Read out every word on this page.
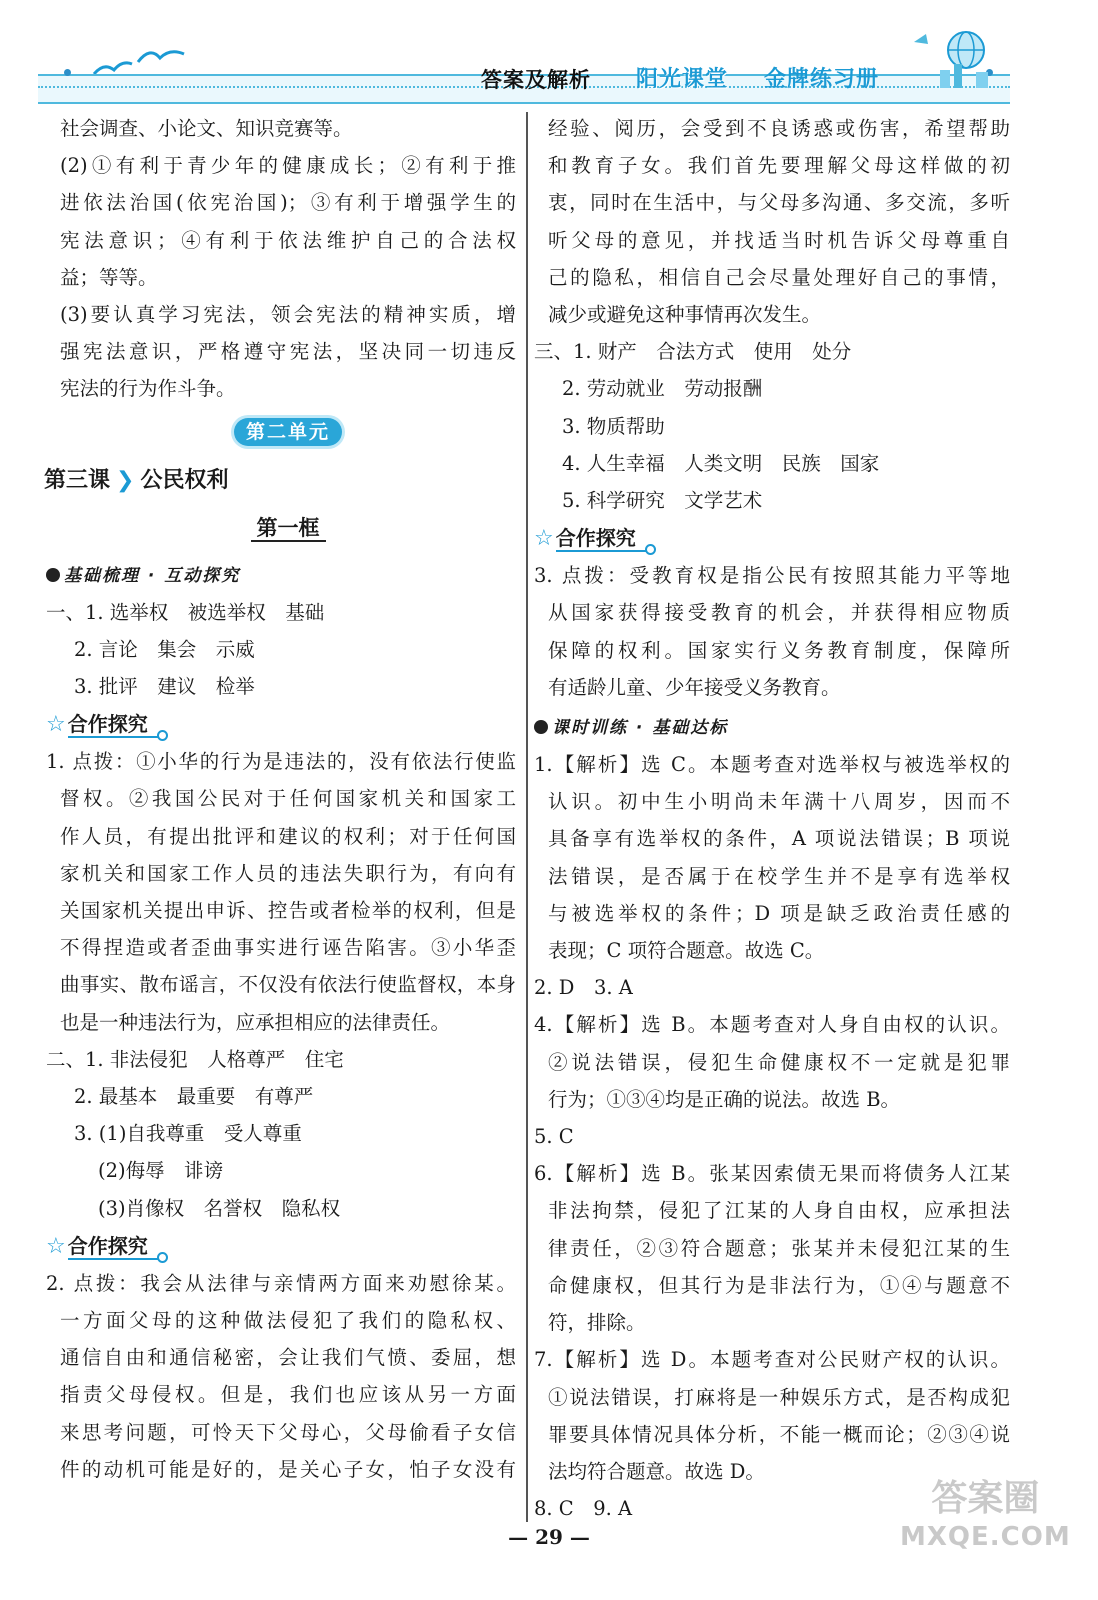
答案及解析 阳光课堂 金牌练习册
社会调查、小论文、知识竞赛等。
(2)①有利于青少年的健康成长；②有利于推
进依法治国(依宪治国)；③有利于增强学生的
宪法意识；④有利于依法维护自己的合法权
益；等等。
(3)要认真学习宪法，领会宪法的精神实质，增
强宪法意识，严格遵守宪法，坚决同一切违反
宪法的行为作斗争。
第二单元
第三课 ❯ 公民权利
第一框
基础梳理 · 互动探究
一、1. 选举权　被选举权　基础
2. 言论　集会　示威
3. 批评　建议　检举
☆ 合作探究
1. 点拨：①小华的行为是违法的，没有依法行使监
督权。②我国公民对于任何国家机关和国家工
作人员，有提出批评和建议的权利；对于任何国
家机关和国家工作人员的违法失职行为，有向有
关国家机关提出申诉、控告或者检举的权利，但是
不得捏造或者歪曲事实进行诬告陷害。③小华歪
曲事实、散布谣言，不仅没有依法行使监督权，本身
也是一种违法行为，应承担相应的法律责任。
二、1. 非法侵犯　人格尊严　住宅
2. 最基本　最重要　有尊严
3. (1)自我尊重　受人尊重
(2)侮辱　诽谤
(3)肖像权　名誉权　隐私权
☆ 合作探究
2. 点拨：我会从法律与亲情两方面来劝慰徐某。
一方面父母的这种做法侵犯了我们的隐私权、
通信自由和通信秘密，会让我们气愤、委屈，想
指责父母侵权。但是，我们也应该从另一方面
来思考问题，可怜天下父母心，父母偷看子女信
件的动机可能是好的，是关心子女，怕子女没有
经验、阅历，会受到不良诱惑或伤害，希望帮助
和教育子女。我们首先要理解父母这样做的初
衷，同时在生活中，与父母多沟通、多交流，多听
听父母的意见，并找适当时机告诉父母尊重自
己的隐私，相信自己会尽量处理好自己的事情，
减少或避免这种事情再次发生。
三、1. 财产　合法方式　使用　处分
2. 劳动就业　劳动报酬
3. 物质帮助
4. 人生幸福　人类文明　民族　国家
5. 科学研究　文学艺术
☆ 合作探究
3. 点拨：受教育权是指公民有按照其能力平等地
从国家获得接受教育的机会，并获得相应物质
保障的权利。国家实行义务教育制度，保障所
有适龄儿童、少年接受义务教育。
课时训练 · 基础达标
1.【解析】选 C。本题考查对选举权与被选举权的
认识。初中生小明尚未年满十八周岁，因而不
具备享有选举权的条件，A 项说法错误；B 项说
法错误，是否属于在校学生并不是享有选举权
与被选举权的条件；D 项是缺乏政治责任感的
表现；C 项符合题意。故选 C。
2. D　3. A
4.【解析】选 B。本题考查对人身自由权的认识。
②说法错误，侵犯生命健康权不一定就是犯罪
行为；①③④均是正确的说法。故选 B。
5. C
6.【解析】选 B。张某因索债无果而将债务人江某
非法拘禁，侵犯了江某的人身自由权，应承担法
律责任，②③符合题意；张某并未侵犯江某的生
命健康权，但其行为是非法行为，①④与题意不
符，排除。
7.【解析】选 D。本题考查对公民财产权的认识。
①说法错误，打麻将是一种娱乐方式，是否构成犯
罪要具体情况具体分析，不能一概而论；②③④说
法均符合题意。故选 D。
8. C　9. A
— 29 —
答案圈
MXQE.COM
